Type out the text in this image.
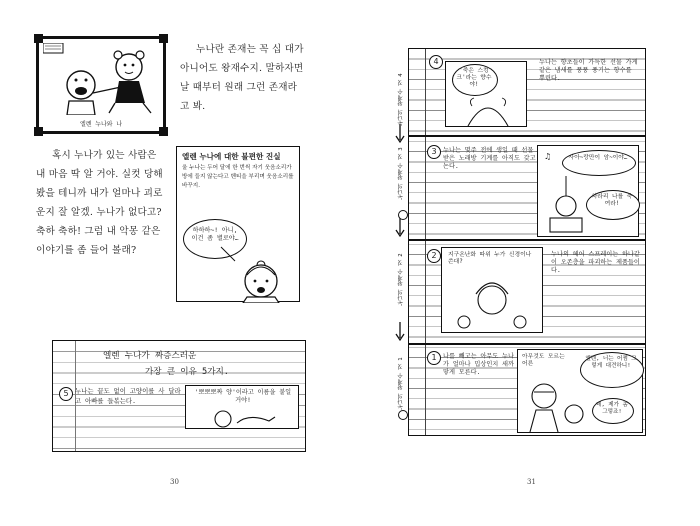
엘렌 누나와 나
누나란 존재는 꼭 십 대가 아니어도 왕재수지. 말하자면 날 때부터 원래 그런 존재라고 봐.
혹시 누나가 있는 사람은 내 마음 딱 알 거야. 실컷 당해 봤을 테니까 내가 얼마나 괴로운지 잘 알겠. 누나가 없다고? 축하 축하! 그럼 내 악몽 같은 이야기를 좀 들어 볼래?
엘렌 누나에 대한 불편한 진실
울 누나는 두어 달에 한 번씩 자기 웃음소리가 방에 들지 않는다고 벤티을 부리며 웃음소리를 바꾸지.
하하하~! 아니, 이건 좀 별로야…
엘렌 누나가 짜증스러운
가장 큰 이유 5가지.
5	누나는 끝도 없이 고양이를 사 달라고 아빠를 들볶는다.
'뽀뽀뽀짜 양'이라고 이름을 붙일 거야!
30
4
'죽은 스컹크'라는 향수야!
누나는 향초들이 가득한 선물 가게 같은 냄새를 풍풍 풍기는 향수를 뿌린다.
3	누나는 몇주 전에 생일 때 선물 받은 노래방 기계를 아직도 갖고 논다.
사아~랑만이 암~이야…
차라리 나를 죽여라!
♫
2	지구온난화 따위 누가 신경이나 쓴대?
누나의 헤어 스프레이는 하나같이 오존층을 파괴하는 제품들이다.
1	나를 빼고는 아무도 누나가 얼마나 밉상인지 새까맣게 모른다.
아무것도 모르는 어른
엘렌, 너는 어쩜 그렇게 대견하니!
네, 제가 좀 그렇죠!
누나의 왕재수 짓 4
누나의 왕재수 짓 3
누나의 왕재수 짓 2
누나의 왕재수 짓 1
31
